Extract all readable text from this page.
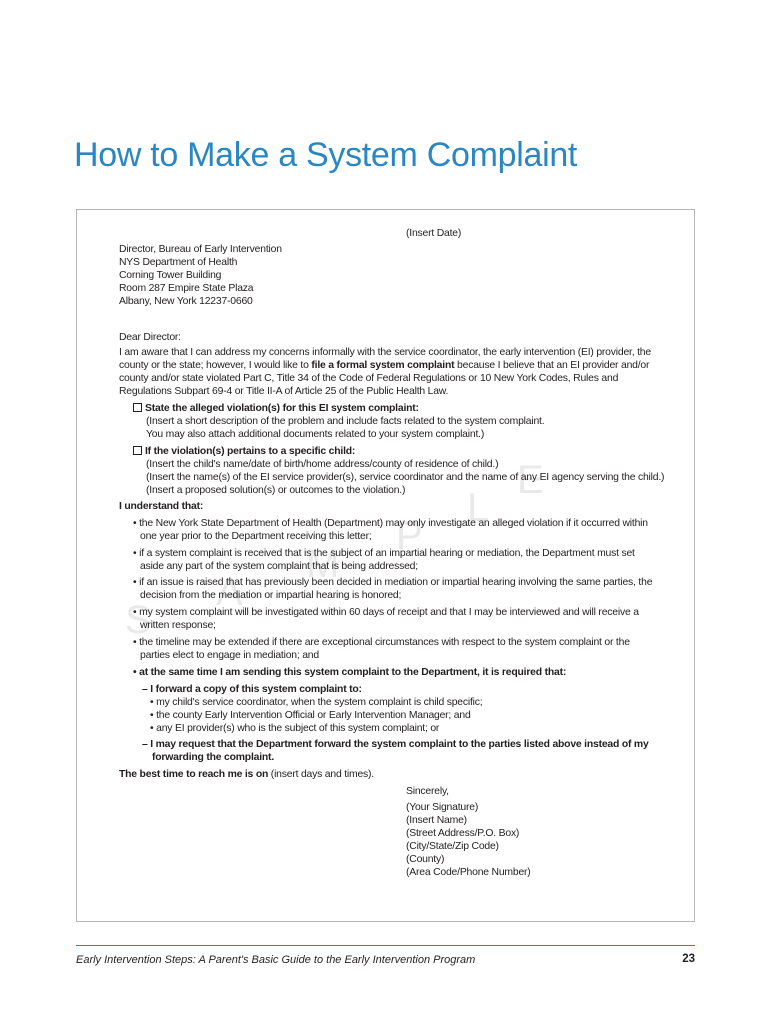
How to Make a System Complaint
S
A
M
P
L
E
(Insert Date)
Director, Bureau of Early Intervention
NYS Department of Health
Corning Tower Building
Room 287 Empire State Plaza
Albany, New York 12237-0660
Dear Director:
I am aware that I can address my concerns informally with the service coordinator, the early intervention (EI) provider, the
county or the state; however, I would like to file a formal system complaint because I believe that an EI provider and/or
county and/or state violated Part C, Title 34 of the Code of Federal Regulations or 10 New York Codes, Rules and
Regulations Subpart 69-4 or Title II-A of Article 25 of the Public Health Law.
State the alleged violation(s) for this EI system complaint:
(Insert a short description of the problem and include facts related to the system complaint.
You may also attach additional documents related to your system complaint.)
If the violation(s) pertains to a specific child:
(Insert the child's name/date of birth/home address/county of residence of child.)
(Insert the name(s) of the EI service provider(s), service coordinator and the name of any EI agency serving the child.)
(Insert a proposed solution(s) or outcomes to the violation.)
I understand that:
• the New York State Department of Health (Department) may only investigate an alleged violation if it occurred within
one year prior to the Department receiving this letter;
• if a system complaint is received that is the subject of an impartial hearing or mediation, the Department must set
aside any part of the system complaint that is being addressed;
• if an issue is raised that has previously been decided in mediation or impartial hearing involving the same parties, the
decision from the mediation or impartial hearing is honored;
• my system complaint will be investigated within 60 days of receipt and that I may be interviewed and will receive a
written response;
• the timeline may be extended if there are exceptional circumstances with respect to the system complaint or the
parties elect to engage in mediation; and
• at the same time I am sending this system complaint to the Department, it is required that:
– I forward a copy of this system complaint to:
• my child's service coordinator, when the system complaint is child specific;
• the county Early Intervention Official or Early Intervention Manager; and
• any EI provider(s) who is the subject of this system complaint; or
– I may request that the Department forward the system complaint to the parties listed above instead of my
forwarding the complaint.
The best time to reach me is on (insert days and times).
Sincerely,
(Your Signature)
(Insert Name)
(Street Address/P.O. Box)
(City/State/Zip Code)
(County)
(Area Code/Phone Number)
Early Intervention Steps: A Parent's Basic Guide to the Early Intervention Program	23
